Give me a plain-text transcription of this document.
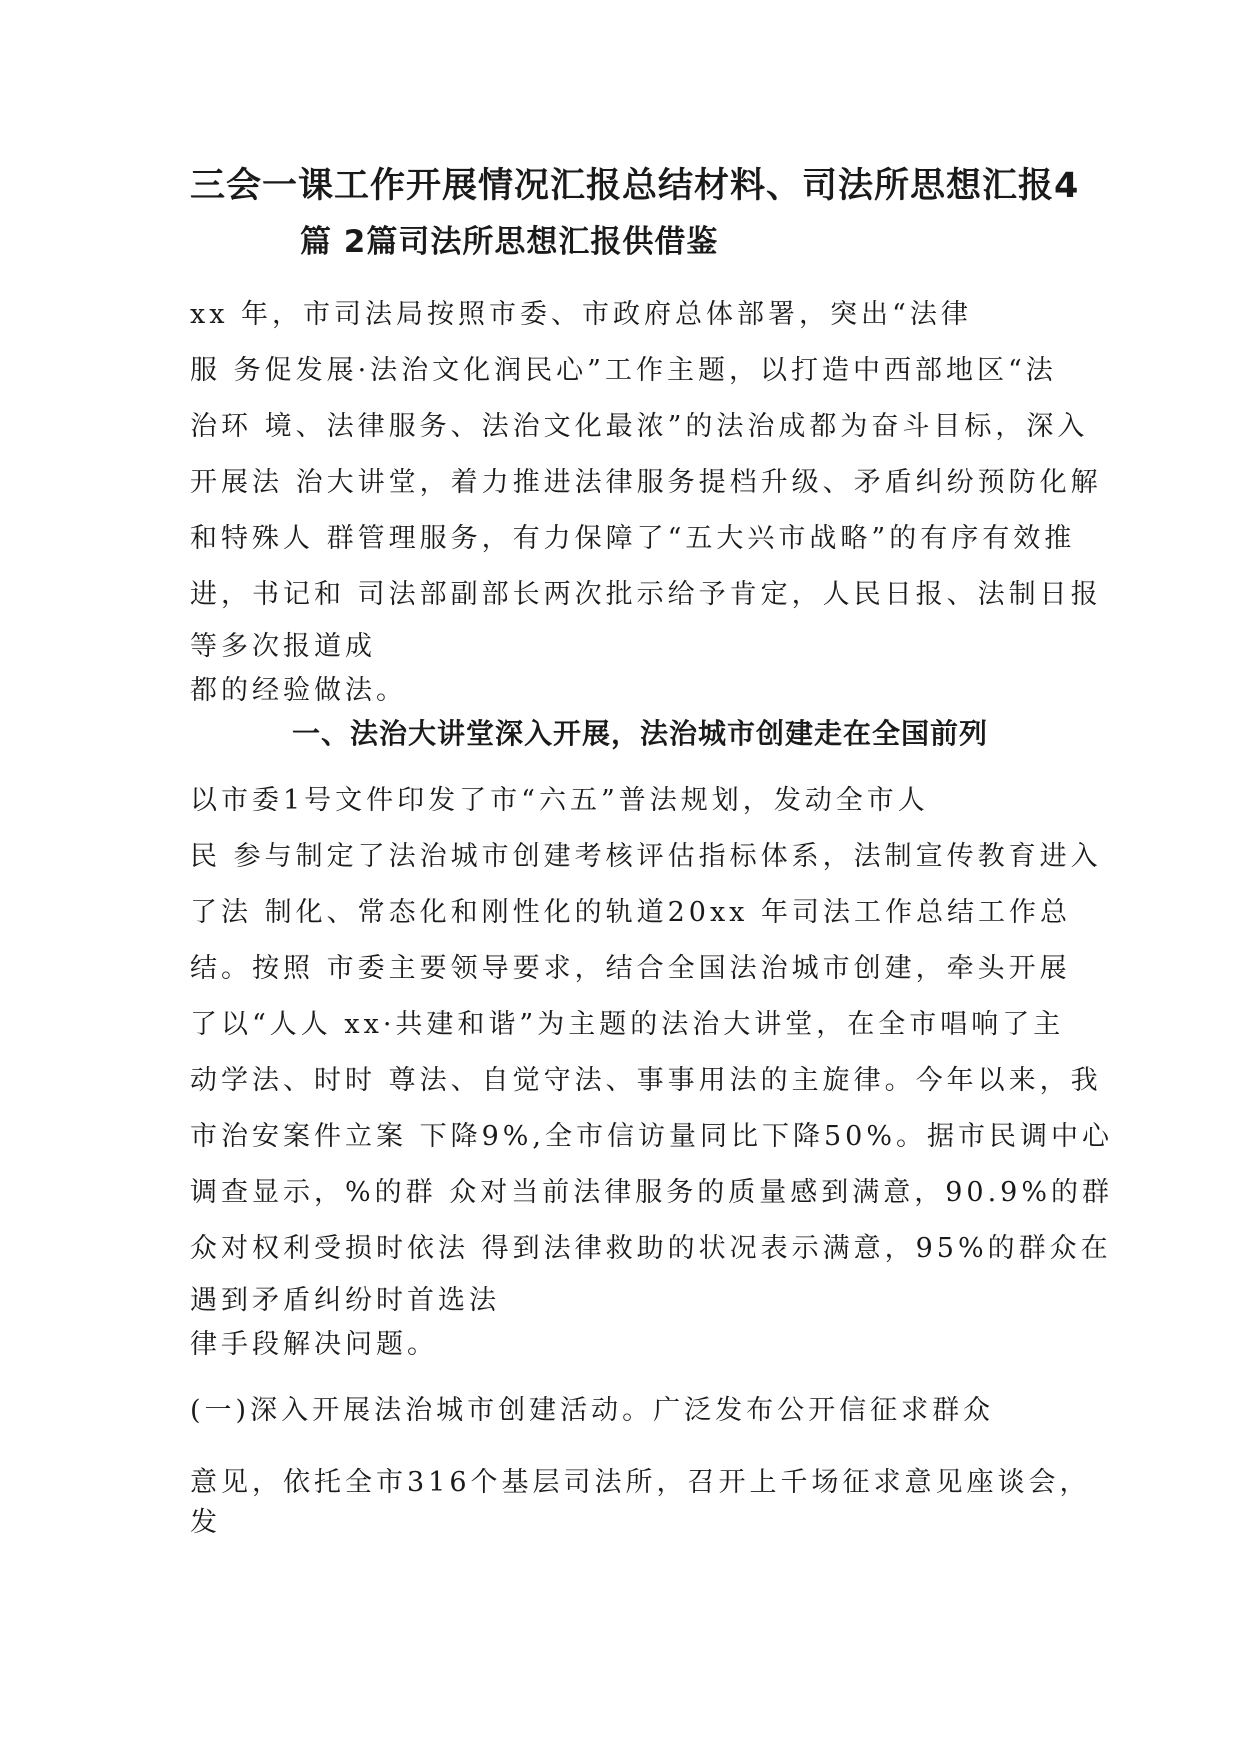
三会一课工作开展情况汇报总结材料、司法所思想汇报4
篇 2篇司法所思想汇报供借鉴
xx 年，市司法局按照市委、市政府总体部署，突出“法律
服 务促发展·法治文化润民心”工作主题，以打造中西部地区“法
治环 境、法律服务、法治文化最浓”的法治成都为奋斗目标，深入
开展法 治大讲堂，着力推进法律服务提档升级、矛盾纠纷预防化解
和特殊人 群管理服务，有力保障了“五大兴市战略”的有序有效推
进，书记和 司法部副部长两次批示给予肯定，人民日报、法制日报
等多次报道成
都的经验做法。
一、法治大讲堂深入开展，法治城市创建走在全国前列
以市委1号文件印发了市“六五”普法规划，发动全市人
民 参与制定了法治城市创建考核评估指标体系，法制宣传教育进入
了法 制化、常态化和刚性化的轨道20xx 年司法工作总结工作总
结。按照 市委主要领导要求，结合全国法治城市创建，牵头开展
了以“人人 xx·共建和谐”为主题的法治大讲堂，在全市唱响了主
动学法、时时 尊法、自觉守法、事事用法的主旋律。今年以来，我
市治安案件立案 下降9%,全市信访量同比下降50%。据市民调中心
调查显示，%的群 众对当前法律服务的质量感到满意，90.9%的群
众对权利受损时依法 得到法律救助的状况表示满意，95%的群众在
遇到矛盾纠纷时首选法
律手段解决问题。
(一)深入开展法治城市创建活动。广泛发布公开信征求群众
意见，依托全市316个基层司法所，召开上千场征求意见座谈会，
发
